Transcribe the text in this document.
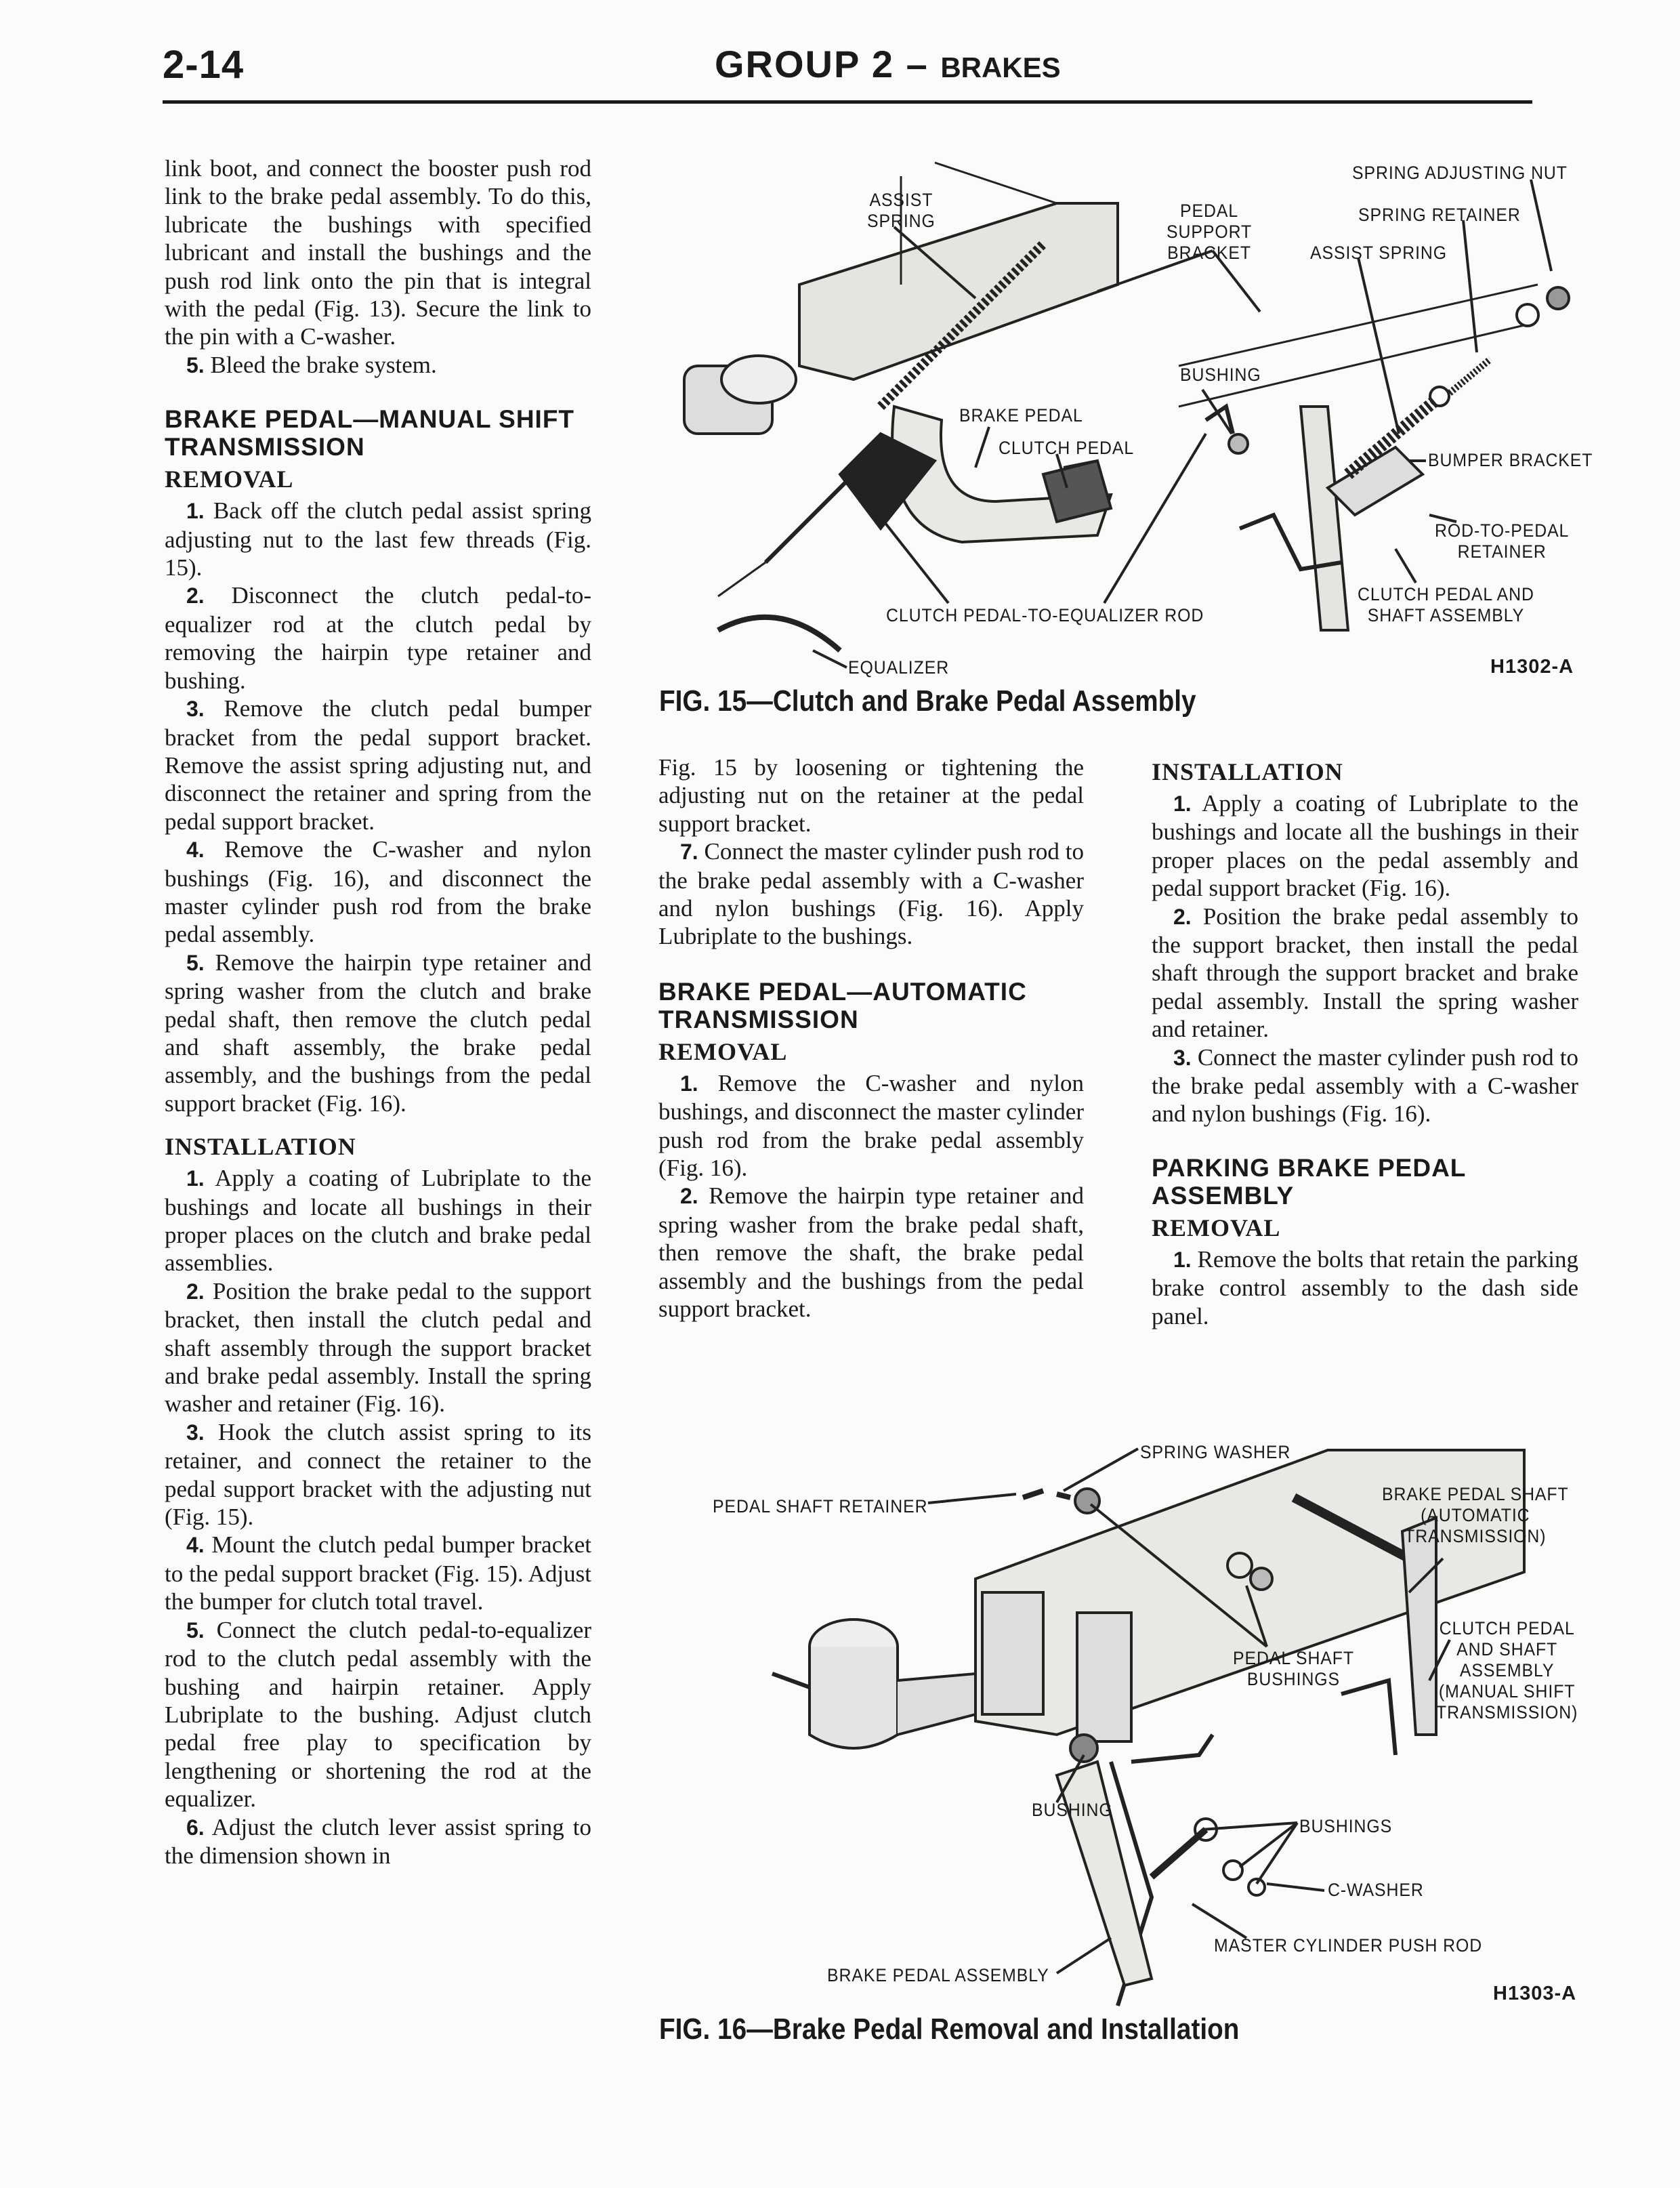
2-14	GROUP 2 – BRAKES

link boot, and connect the booster push rod link to the brake pedal assembly. To do this, lubricate the bushings with specified lubricant and install the bushings and the push rod link onto the pin that is integral with the pedal (Fig. 13). Secure the link to the pin with a C-washer.

5. Bleed the brake system.

BRAKE PEDAL—MANUAL SHIFT TRANSMISSION
REMOVAL

1. Back off the clutch pedal assist spring adjusting nut to the last few threads (Fig. 15).

2. Disconnect the clutch pedal-to-equalizer rod at the clutch pedal by removing the hairpin type retainer and bushing.

3. Remove the clutch pedal bumper bracket from the pedal support bracket. Remove the assist spring adjusting nut, and disconnect the retainer and spring from the pedal support bracket.

4. Remove the C-washer and nylon bushings (Fig. 16), and disconnect the master cylinder push rod from the brake pedal assembly.

5. Remove the hairpin type retainer and spring washer from the clutch and brake pedal shaft, then remove the clutch pedal and shaft assembly, the brake pedal assembly, and the bushings from the pedal support bracket (Fig. 16).

INSTALLATION

1. Apply a coating of Lubriplate to the bushings and locate all bushings in their proper places on the clutch and brake pedal assemblies.

2. Position the brake pedal to the support bracket, then install the clutch pedal and shaft assembly through the support bracket and brake pedal assembly. Install the spring washer and retainer (Fig. 16).

3. Hook the clutch assist spring to its retainer, and connect the retainer to the pedal support bracket with the adjusting nut (Fig. 15).

4. Mount the clutch pedal bumper bracket to the pedal support bracket (Fig. 15). Adjust the bumper for clutch total travel.

5. Connect the clutch pedal-to-equalizer rod to the clutch pedal assembly with the bushing and hairpin retainer. Apply Lubriplate to the bushing. Adjust clutch pedal free play to specification by lengthening or shortening the rod at the equalizer.

6. Adjust the clutch lever assist spring to the dimension shown in

Fig. 15 by loosening or tightening the adjusting nut on the retainer at the pedal support bracket.

7. Connect the master cylinder push rod to the brake pedal assembly with a C-washer and nylon bushings (Fig. 16). Apply Lubriplate to the bushings.

BRAKE PEDAL—AUTOMATIC TRANSMISSION
REMOVAL

1. Remove the C-washer and nylon bushings, and disconnect the master cylinder push rod from the brake pedal assembly (Fig. 16).

2. Remove the hairpin type retainer and spring washer from the brake pedal shaft, then remove the shaft, the brake pedal assembly and the bushings from the pedal support bracket.

INSTALLATION

1. Apply a coating of Lubriplate to the bushings and locate all the bushings in their proper places on the pedal assembly and pedal support bracket (Fig. 16).

2. Position the brake pedal assembly to the support bracket, then install the pedal shaft through the support bracket and brake pedal assembly. Install the spring washer and retainer.

3. Connect the master cylinder push rod to the brake pedal assembly with a C-washer and nylon bushings (Fig. 16).

PARKING BRAKE PEDAL ASSEMBLY
REMOVAL

1. Remove the bolts that retain the parking brake control assembly to the dash side panel.

ASSIST
SPRING	PEDAL
SUPPORT
BRACKET
SPRING ADJUSTING NUT
SPRING RETAINER
ASSIST SPRING
BUSHING
BRAKE PEDAL
CLUTCH PEDAL
BUMPER BRACKET
ROD-TO-PEDAL
RETAINER
CLUTCH PEDAL AND
SHAFT ASSEMBLY
CLUTCH PEDAL-TO-EQUALIZER ROD
EQUALIZER	H1302-A
FIG. 15—Clutch and Brake Pedal Assembly
SPRING WASHER
PEDAL SHAFT RETAINER
BRAKE PEDAL SHAFT
(AUTOMATIC
TRANSMISSION)
CLUTCH PEDAL
AND SHAFT
ASSEMBLY
(MANUAL SHIFT
TRANSMISSION)
PEDAL SHAFT
BUSHINGS
BUSHING
BUSHINGS
C-WASHER
MASTER CYLINDER PUSH ROD
BRAKE PEDAL ASSEMBLY
H1303-A
FIG. 16—Brake Pedal Removal and Installation
